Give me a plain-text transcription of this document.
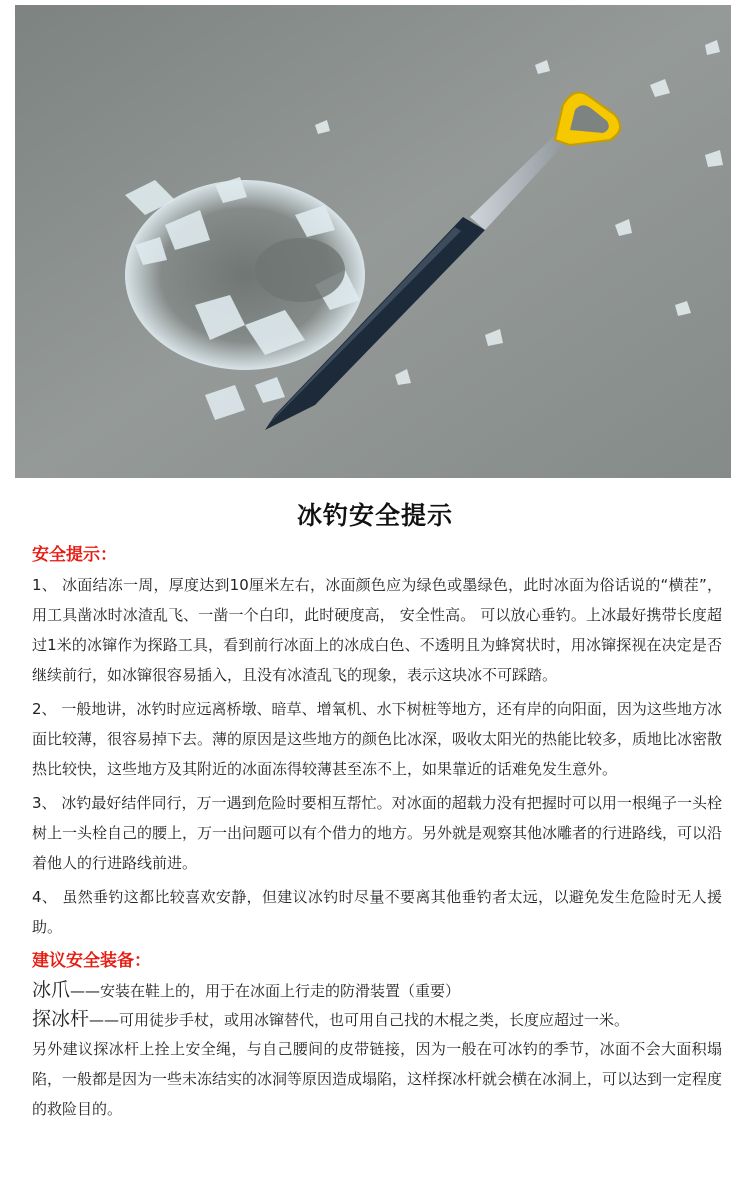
冰钓安全提示
安全提示：

1、 冰面结冻一周，厚度达到10厘米左右，冰面颜色应为绿色或墨绿色，此时冰面为俗话说的“横茬”，用工具凿冰时冰渣乱飞、一凿一个白印，此时硬度高， 安全性高。 可以放心垂钓。上冰最好携带长度超过1米的冰镩作为探路工具，看到前行冰面上的冰成白色、不透明且为蜂窝状时，用冰镩探视在决定是否继续前行，如冰镩很容易插入，且没有冰渣乱飞的现象，表示这块冰不可踩踏。

2、 一般地讲，冰钓时应远离桥墩、暗草、增氧机、水下树桩等地方，还有岸的向阳面，因为这些地方冰面比较薄，很容易掉下去。薄的原因是这些地方的颜色比冰深，吸收太阳光的热能比较多，质地比冰密散热比较快，这些地方及其附近的冰面冻得较薄甚至冻不上，如果靠近的话难免发生意外。

3、 冰钓最好结伴同行，万一遇到危险时要相互帮忙。对冰面的超载力没有把握时可以用一根绳子一头栓树上一头栓自己的腰上，万一出问题可以有个借力的地方。另外就是观察其他冰雕者的行进路线，可以沿着他人的行进路线前进。

4、 虽然垂钓这都比较喜欢安静，但建议冰钓时尽量不要离其他垂钓者太远，以避免发生危险时无人援助。

建议安全装备：

冰爪——安装在鞋上的，用于在冰面上行走的防滑装置（重要）

探冰杆——可用徒步手杖，或用冰镩替代，也可用自己找的木棍之类，长度应超过一米。

另外建议探冰杆上拴上安全绳，与自己腰间的皮带链接，因为一般在可冰钓的季节，冰面不会大面积塌陷，一般都是因为一些未冻结实的冰洞等原因造成塌陷，这样探冰杆就会横在冰洞上，可以达到一定程度的救险目的。
